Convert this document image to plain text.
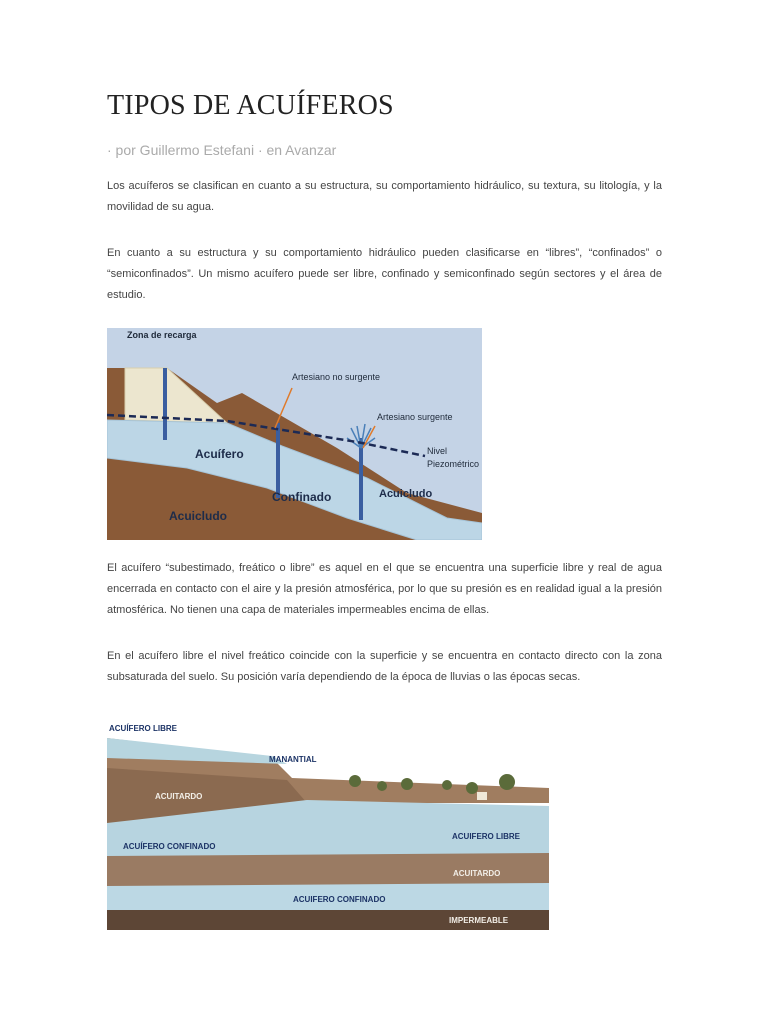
TIPOS DE ACUÍFEROS
· por Guillermo Estefani · en Avanzar

Los acuíferos se clasifican en cuanto a su estructura, su comportamiento hidráulico, su textura, su litología, y la movilidad de su agua.

En cuanto a su estructura y su comportamiento hidráulico pueden clasificarse en “libres”, “confinados” o “semiconfinados”. Un mismo acuífero puede ser libre, confinado y semiconfinado según sectores y el área de estudio.

Zona de recarga
Artesiano no surgente
Artesiano surgente
Nivel
Piezométrico
Acuífero
Confinado	Acuicludo
Acuicludo

El acuífero “subestimado, freático o libre” es aquel en el que se encuentra una superficie libre y real de agua encerrada en contacto con el aire y la presión atmosférica, por lo que su presión es en realidad igual a la presión atmosférica. No tienen una capa de materiales impermeables encima de ellas.

En el acuífero libre el nivel freático coincide con la superficie y se encuentra en contacto directo con la zona subsaturada del suelo. Su posición varía dependiendo de la época de lluvias o las épocas secas.

ACUÍFERO LIBRE
MANANTIAL
ACUITARDO
ACUIFERO LIBRE
ACUÍFERO CONFINADO
ACUITARDO
ACUIFERO CONFINADO
IMPERMEABLE
